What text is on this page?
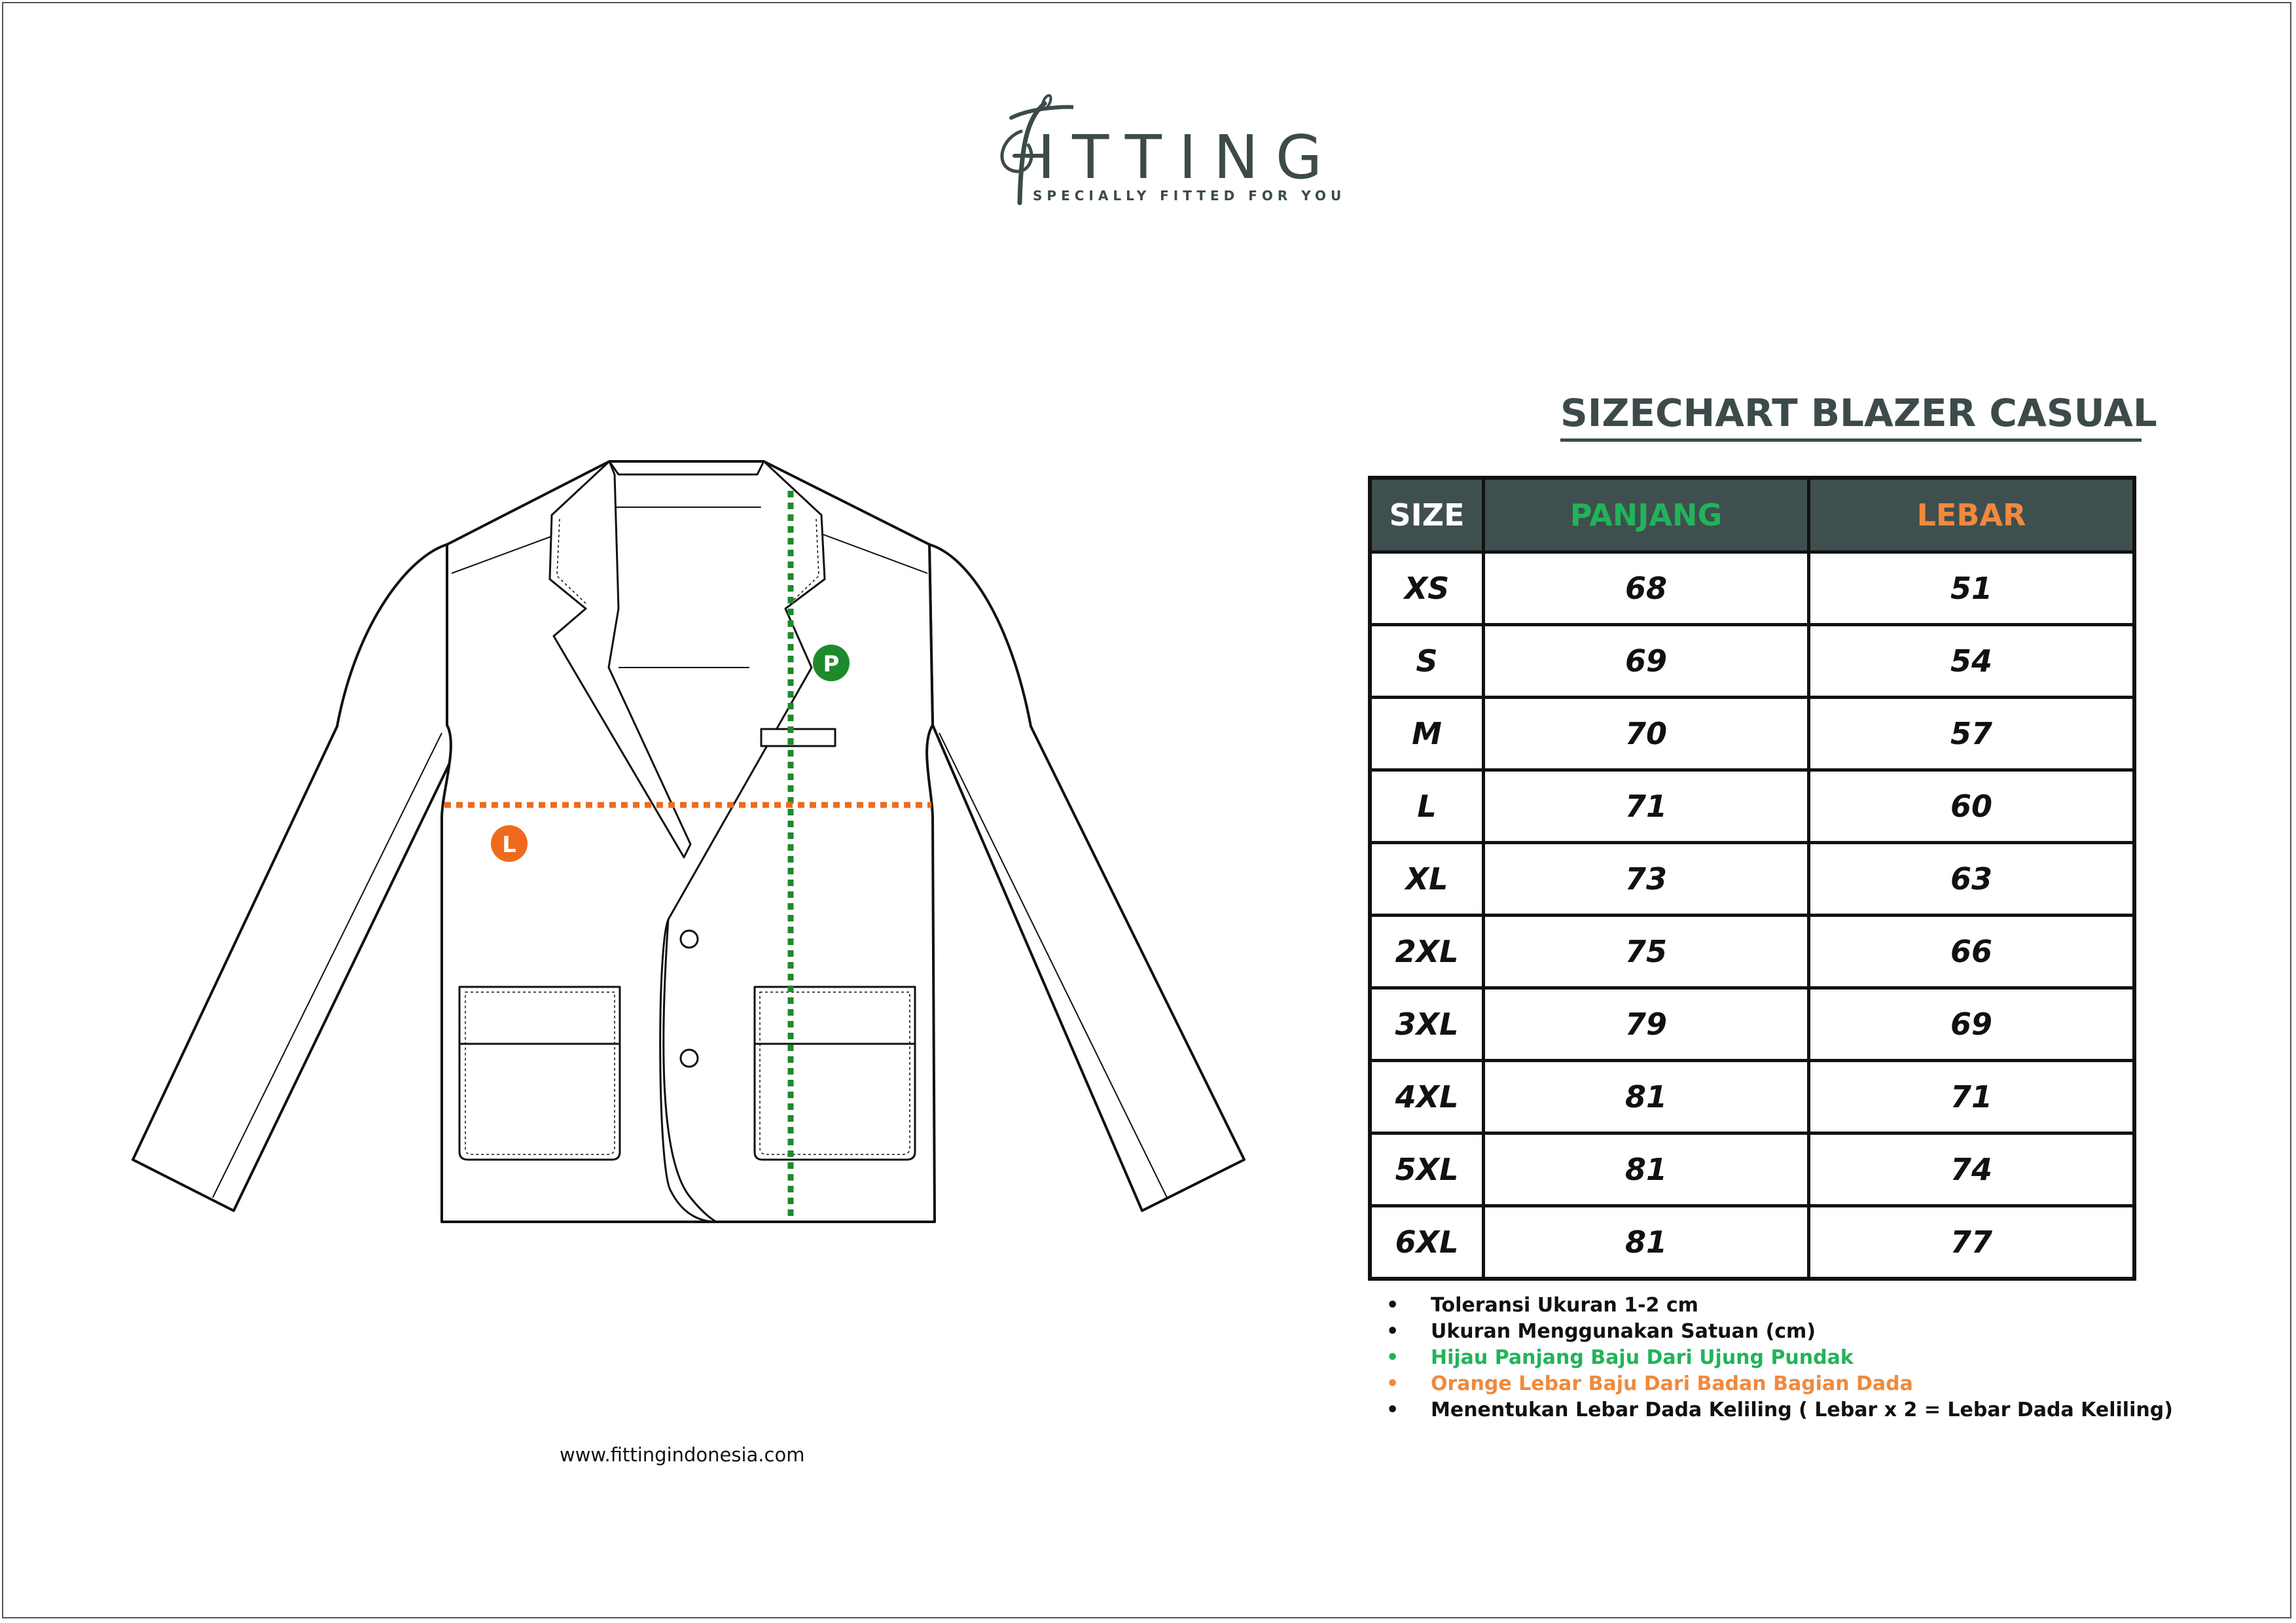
ITTING
SPECIALLY FITTED FOR YOU
P
L
SIZECHART BLAZER CASUAL
SIZE	PANJANG	LEBAR
XS	68	51
S	69	54
M	70	57
L	71	60
XL	73	63
2XL	75	66
3XL	79	69
4XL	81	71
5XL	81	74
6XL	81	77
• Toleransi Ukuran 1-2 cm
• Ukuran Menggunakan Satuan (cm)
• Hijau Panjang Baju Dari Ujung Pundak
• Orange Lebar Baju Dari Badan Bagian Dada
• Menentukan Lebar Dada Keliling ( Lebar x 2 = Lebar Dada Keliling)
www.fittingindonesia.com
